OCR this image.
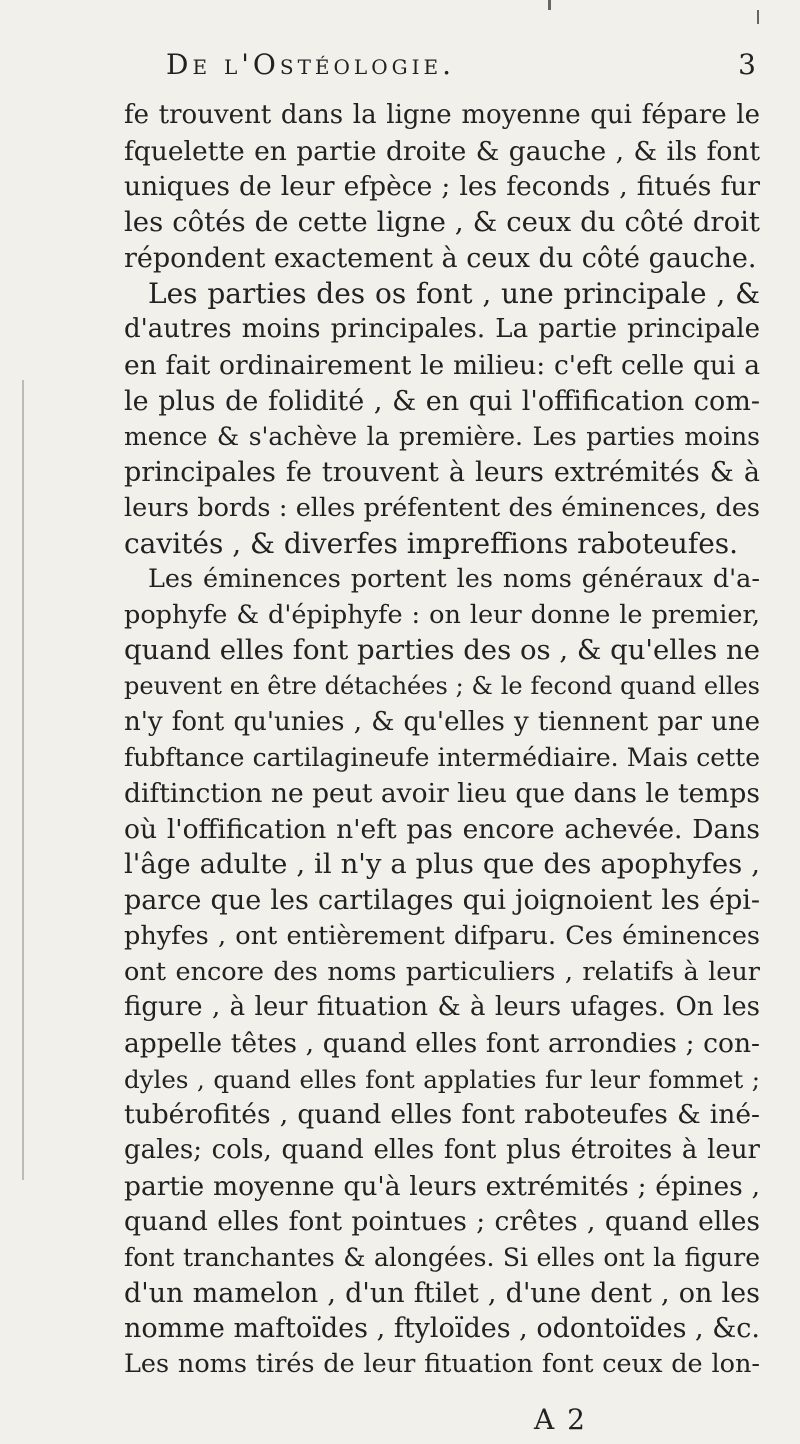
De l'Ostéologie.	3
fe trouvent dans la ligne moyenne qui fépare le
fquelette en partie droite & gauche , & ils font
uniques de leur efpèce ; les feconds , fitués fur
les côtés de cette ligne , & ceux du côté droit
répondent exactement à ceux du côté gauche.
Les parties des os font , une principale , &
d'autres moins principales. La partie principale
en fait ordinairement le milieu: c'eft celle qui a
le plus de folidité , & en qui l'offification com-
mence & s'achève la première. Les parties moins
principales fe trouvent à leurs extrémités & à
leurs bords : elles préfentent des éminences, des
cavités , & diverfes impreffions raboteufes.
Les éminences portent les noms généraux d'a-
pophyfe & d'épiphyfe : on leur donne le premier,
quand elles font parties des os , & qu'elles ne
peuvent en être détachées ; & le fecond quand elles
n'y font qu'unies , & qu'elles y tiennent par une
fubftance cartilagineufe intermédiaire. Mais cette
diftinction ne peut avoir lieu que dans le temps
où l'offification n'eft pas encore achevée. Dans
l'âge adulte , il n'y a plus que des apophyfes ,
parce que les cartilages qui joignoient les épi-
phyfes , ont entièrement difparu. Ces éminences
ont encore des noms particuliers , relatifs à leur
figure , à leur fituation & à leurs ufages. On les
appelle têtes , quand elles font arrondies ; con-
dyles , quand elles font applaties fur leur fommet ;
tubérofités , quand elles font raboteufes & iné-
gales; cols, quand elles font plus étroites à leur
partie moyenne qu'à leurs extrémités ; épines ,
quand elles font pointues ; crêtes , quand elles
font tranchantes & alongées. Si elles ont la figure
d'un mamelon , d'un ftilet , d'une dent , on les
nomme maftoïdes , ftyloïdes , odontoïdes , &c.
Les noms tirés de leur fituation font ceux de lon-
A 2
